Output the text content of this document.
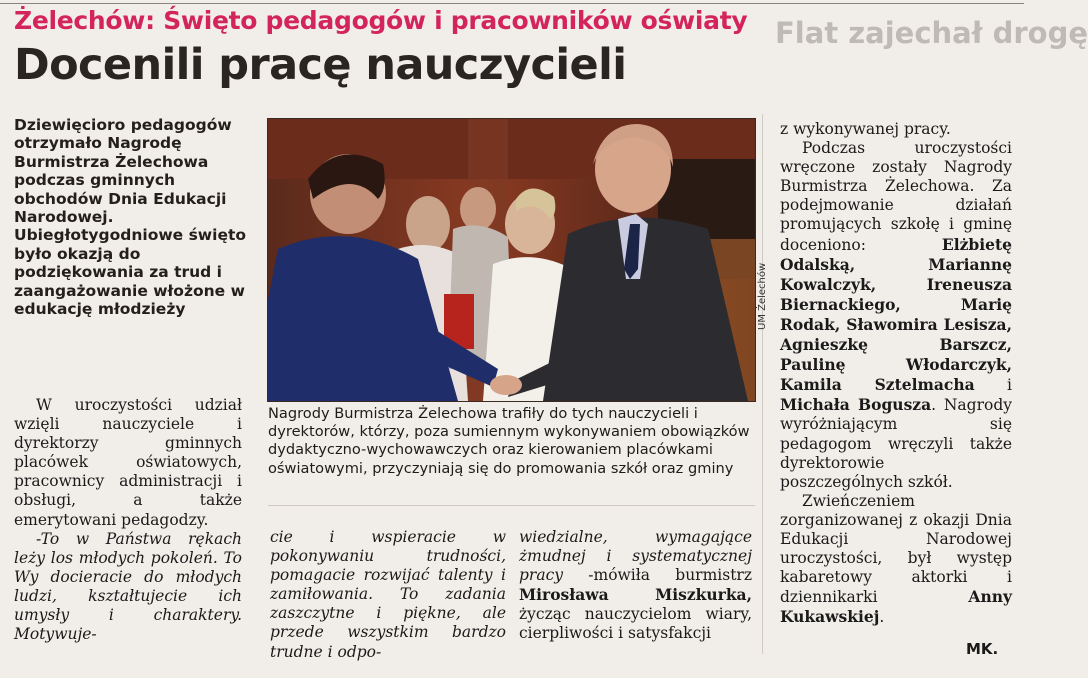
Flat zajechał drogę
Żelechów: Święto pedagogów i pracowników oświaty
Docenili pracę nauczycieli
Dziewięcioro pedagogów otrzymało Nagrodę Burmistrza Żelechowa podczas gminnych obchodów Dnia Edukacji Narodowej. Ubiegłotygodniowe święto było okazją do podziękowania za trud i zaangażowanie włożone w edukację młodzieży
W uroczystości udział wzięli nauczyciele i dyrektorzy gminnych placówek oświatowych, pracownicy administracji i obsługi, a także emerytowani pedagodzy.
-To w Państwa rękach leży los młodych pokoleń. To Wy docieracie do młodych ludzi, kształtujecie ich umysły i charaktery. Motywuje-
UM Żelechów
Nagrody Burmistrza Żelechowa trafiły do tych nauczycieli i dyrektorów, którzy, poza sumiennym wykonywaniem obowiązków dydaktyczno-wychowawczych oraz kierowaniem placówkami oświatowymi, przyczyniają się do promowania szkół oraz gminy
cie i wspieracie w pokonywaniu trudności, pomagacie rozwijać talenty i zamiłowania. To zadania zaszczytne i piękne, ale przede wszystkim bardzo trudne i odpo-
wiedzialne, wymagające żmudnej i systematycznej pracy -mówiła burmistrz Mirosława Miszkurka, życząc nauczycielom wiary, cierpliwości i satysfakcji
z wykonywanej pracy.
Podczas uroczystości wręczone zostały Nagrody Burmistrza Żelechowa. Za podejmowanie działań promujących szkołę i gminę doceniono: Elżbietę Odalską, Mariannę Kowalczyk, Ireneusza Biernackiego, Marię Rodak, Sławomira Lesisza, Agnieszkę Barszcz, Paulinę Włodarczyk, Kamila Sztelmacha i Michała Bogusza. Nagrody wyróżniającym się pedagogom wręczyli także dyrektorowie poszczególnych szkół.
Zwieńczeniem zorganizowanej z okazji Dnia Edukacji Narodowej uroczystości, był występ kabaretowy aktorki i dziennikarki Anny Kukawskiej.
MK.
